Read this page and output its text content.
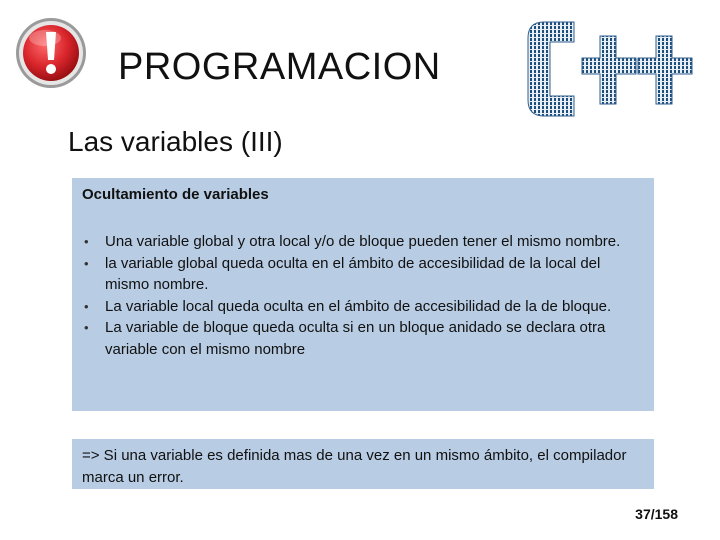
PROGRAMACION
Las variables (III)
Ocultamiento de variables
• Una variable global y otra local y/o de bloque pueden tener el mismo nombre.
• la variable global queda oculta en el ámbito de accesibilidad de la local del mismo nombre.
• La variable local queda oculta en el ámbito de accesibilidad de la de bloque.
• La variable de bloque queda oculta si en un bloque anidado se declara otra variable con el mismo nombre
=> Si una variable es definida mas de una vez en un mismo ámbito, el compilador marca un error.
37/158
